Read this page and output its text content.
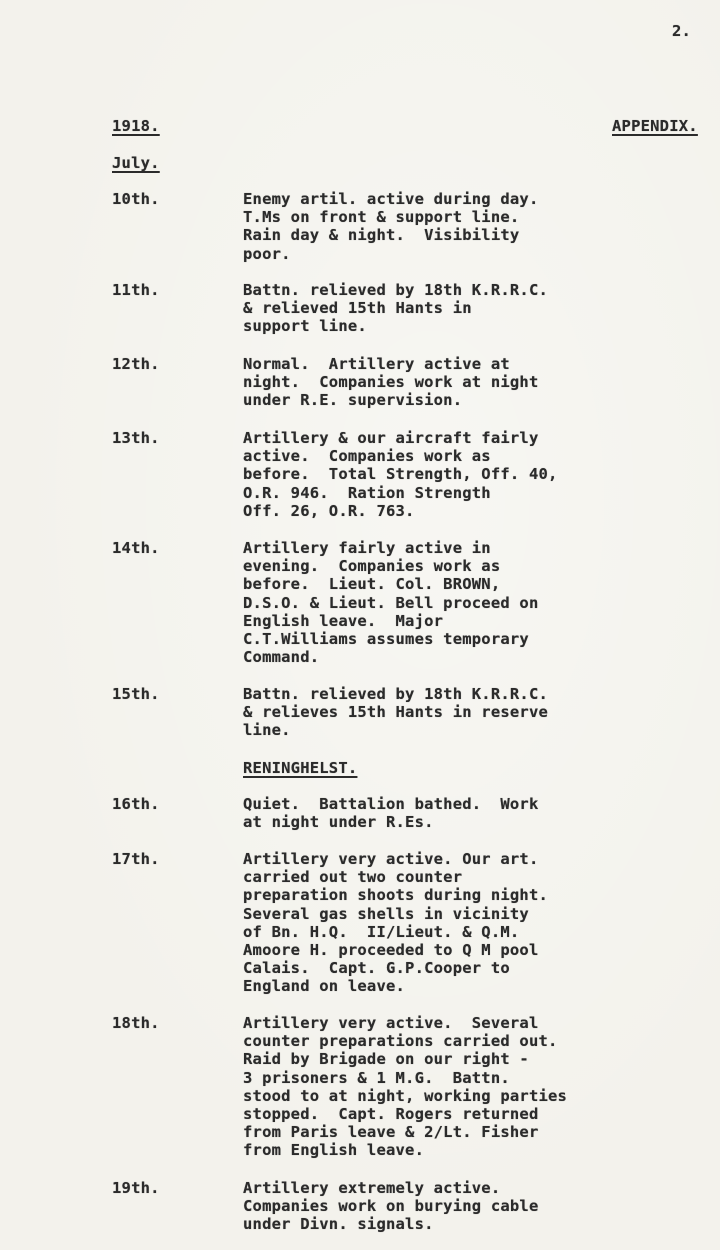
2.
1918.	APPENDIX.
July.
10th.	Enemy artil. active during day.
T.Ms on front & support line.
Rain day & night.  Visibility
poor.
11th.	Battn. relieved by 18th K.R.R.C.
& relieved 15th Hants in
support line.
12th.	Normal.  Artillery active at
night.  Companies work at night
under R.E. supervision.
13th.	Artillery & our aircraft fairly
active.  Companies work as
before.  Total Strength, Off. 40,
O.R. 946.  Ration Strength
Off. 26, O.R. 763.
14th.	Artillery fairly active in
evening.  Companies work as
before.  Lieut. Col. BROWN,
D.S.O. & Lieut. Bell proceed on
English leave.  Major
C.T.Williams assumes temporary
Command.
15th.	Battn. relieved by 18th K.R.R.C.
& relieves 15th Hants in reserve
line.
RENINGHELST.
16th.	Quiet.  Battalion bathed.  Work
at night under R.Es.
17th.	Artillery very active. Our art.
carried out two counter
preparation shoots during night.
Several gas shells in vicinity
of Bn. H.Q.  II/Lieut. & Q.M.
Amoore H. proceeded to Q M pool
Calais.  Capt. G.P.Cooper to
England on leave.
18th.	Artillery very active.  Several
counter preparations carried out.
Raid by Brigade on our right -
3 prisoners & 1 M.G.  Battn.
stood to at night, working parties
stopped.  Capt. Rogers returned
from Paris leave & 2/Lt. Fisher
from English leave.
19th.	Artillery extremely active.
Companies work on burying cable
under Divn. signals.
